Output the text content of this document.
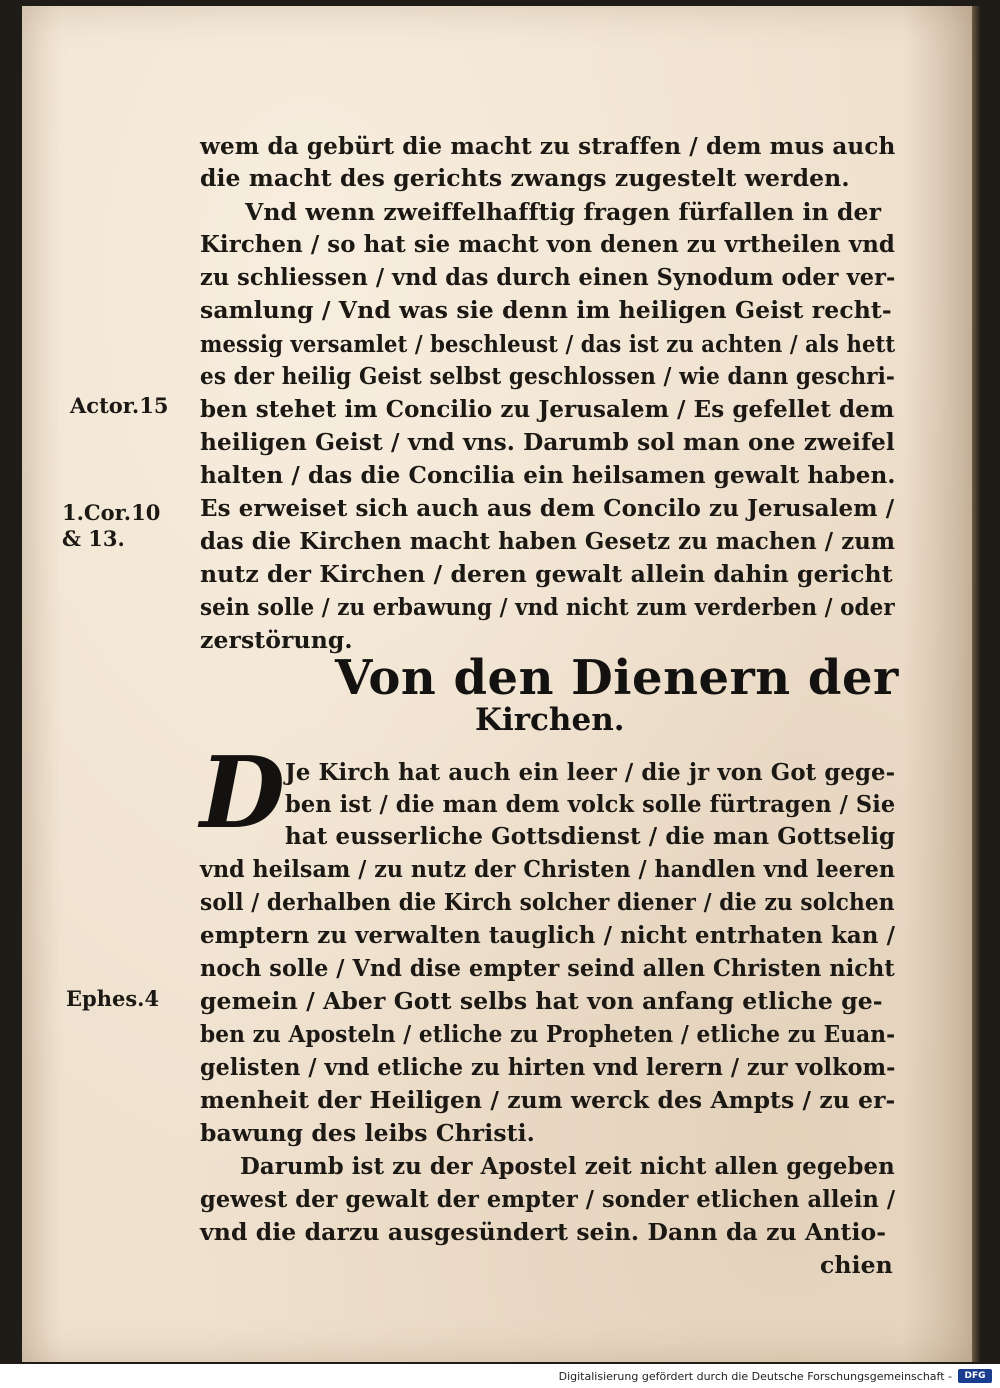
wem da gebürt die macht zu straffen / dem mus auch
die macht des gerichts zwangs zugestelt werden.
Vnd wenn zweiffelhafftig fragen fürfallen in der
Kirchen / so hat sie macht von denen zu vrtheilen vnd
zu schliessen / vnd das durch einen Synodum oder ver-
samlung / Vnd was sie denn im heiligen Geist recht-
messig versamlet / beschleust / das ist zu achten / als hett
es der heilig Geist selbst geschlossen / wie dann geschri-
ben stehet im Concilio zu Jerusalem / Es gefellet dem
heiligen Geist / vnd vns. Darumb sol man one zweifel
halten / das die Concilia ein heilsamen gewalt haben.
Es erweiset sich auch aus dem Concilo zu Jerusalem /
das die Kirchen macht haben Gesetz zu machen / zum
nutz der Kirchen / deren gewalt allein dahin gericht
sein solle / zu erbawung / vnd nicht zum verderben / oder
zerstörung.
Actor.15
1.Cor.10
& 13.
Ephes.4
Von den Dienern der
Kirchen.
D Je Kirch hat auch ein leer / die jr von Got gege-
ben ist / die man dem volck solle fürtragen / Sie
hat eusserliche Gottsdienst / die man Gottselig
vnd heilsam / zu nutz der Christen / handlen vnd leeren
soll / derhalben die Kirch solcher diener / die zu solchen
emptern zu verwalten tauglich / nicht entrhaten kan /
noch solle / Vnd dise empter seind allen Christen nicht
gemein / Aber Gott selbs hat von anfang etliche ge-
ben zu Aposteln / etliche zu Propheten / etliche zu Euan-
gelisten / vnd etliche zu hirten vnd lerern / zur volkom-
menheit der Heiligen / zum werck des Ampts / zu er-
bawung des leibs Christi.
Darumb ist zu der Apostel zeit nicht allen gegeben
gewest der gewalt der empter / sonder etlichen allein /
vnd die darzu ausgesündert sein. Dann da zu Antio-
chien
Digitalisierung gefördert durch die Deutsche Forschungsgemeinschaft -	DFG
